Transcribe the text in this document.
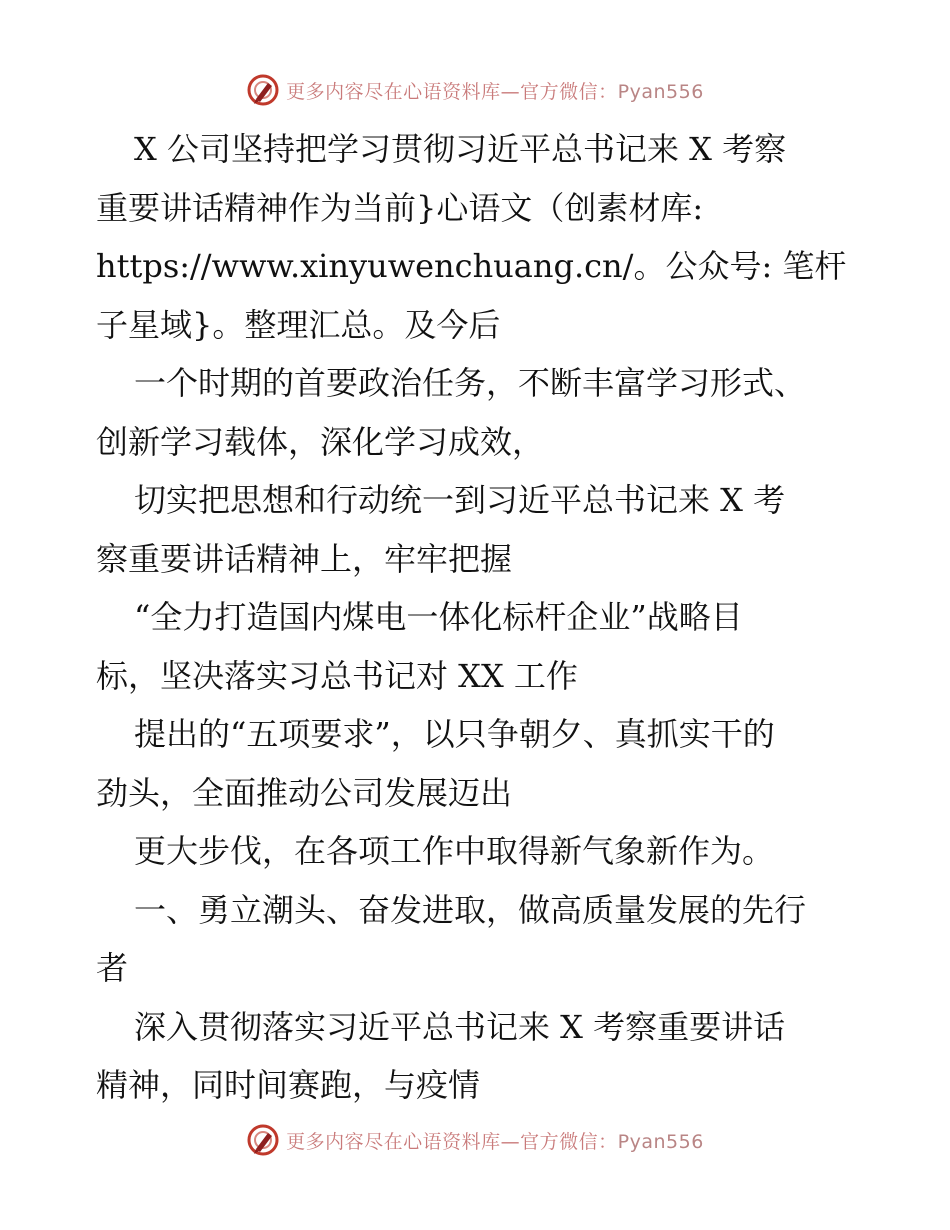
更多内容尽在心语资料库—官方微信：Pyan556
X 公司坚持把学习贯彻习近平总书记来 X 考察
重要讲话精神作为当前}心语文（创素材库:
https://www.xinyuwenchuang.cn/。公众号: 笔杆
子星域}。整理汇总。及今后
一个时期的首要政治任务，不断丰富学习形式、
创新学习载体，深化学习成效，
切实把思想和行动统一到习近平总书记来 X 考
察重要讲话精神上，牢牢把握
“全力打造国内煤电一体化标杆企业”战略目
标，坚决落实习总书记对 XX 工作
提出的“五项要求”，以只争朝夕、真抓实干的
劲头，全面推动公司发展迈出
更大步伐，在各项工作中取得新气象新作为。
一、勇立潮头、奋发进取，做高质量发展的先行
者
深入贯彻落实习近平总书记来 X 考察重要讲话
精神，同时间赛跑，与疫情
更多内容尽在心语资料库—官方微信：Pyan556
